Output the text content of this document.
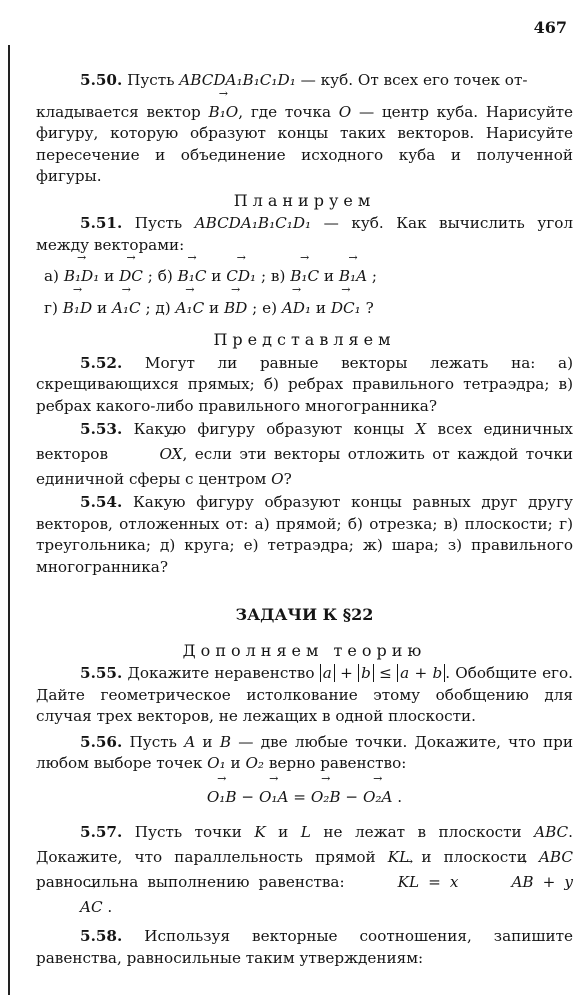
467

5.50. Пусть ABCDA₁B₁C₁D₁ — куб. От всех его точек от-

кладывается вектор → B₁O, где точка O — центр куба. Нарисуйте фигуру, которую образуют концы таких векторов. Нарисуйте пересечение и объединение исходного куба и полученной фигуры.

Планируем

5.51. Пусть ABCDA₁B₁C₁D₁ — куб. Как вычислить угол между векторами:

а) → B₁D₁ и → DC ; б) → B₁C и → CD₁ ; в) → B₁C и → B₁A ;

г) → B₁D и → A₁C ; д) → A₁C и → BD ; е) → AD₁ и → DC₁ ?

Представляем

5.52. Могут ли равные векторы лежать на: а) скрещивающихся прямых; б) ребрах правильного тетраэдра; в) ребрах какого-либо правильного многогранника?

5.53. Какую фигуру образуют концы X всех единичных векторов	→ OX, если эти векторы отложить от каждой точки единичной сферы с центром O?

5.54. Какую фигуру образуют концы равных друг другу векторов, отложенных от: а) прямой; б) отрезка; в) плоскости; г) треугольника; д) круга; е) тетраэдра; ж) шара; з) правильного многогранника?

ЗАДАЧИ К §22
Дополняем теорию

5.55. Докажите неравенство a + b ≤ a + b . Обобщите его. Дайте геометрическое истолкование этому обобщению для случая трех векторов, не лежащих в одной плоскости.

5.56. Пусть A и B — две любые точки. Докажите, что при любом выборе точек O₁ и O₂ верно равенство:

→ O₁B − → O₁A = → O₂B − → O₂A .

5.57. Пусть точки K и L не лежат в плоскости ABC. Докажите, что параллельность прямой KL и плоскости ABC равносильна выполнению равенства:	→ KL = x	→ AB + y → AC .

5.58. Используя векторные соотношения, запишите равенства, равносильные таким утверждениям:
